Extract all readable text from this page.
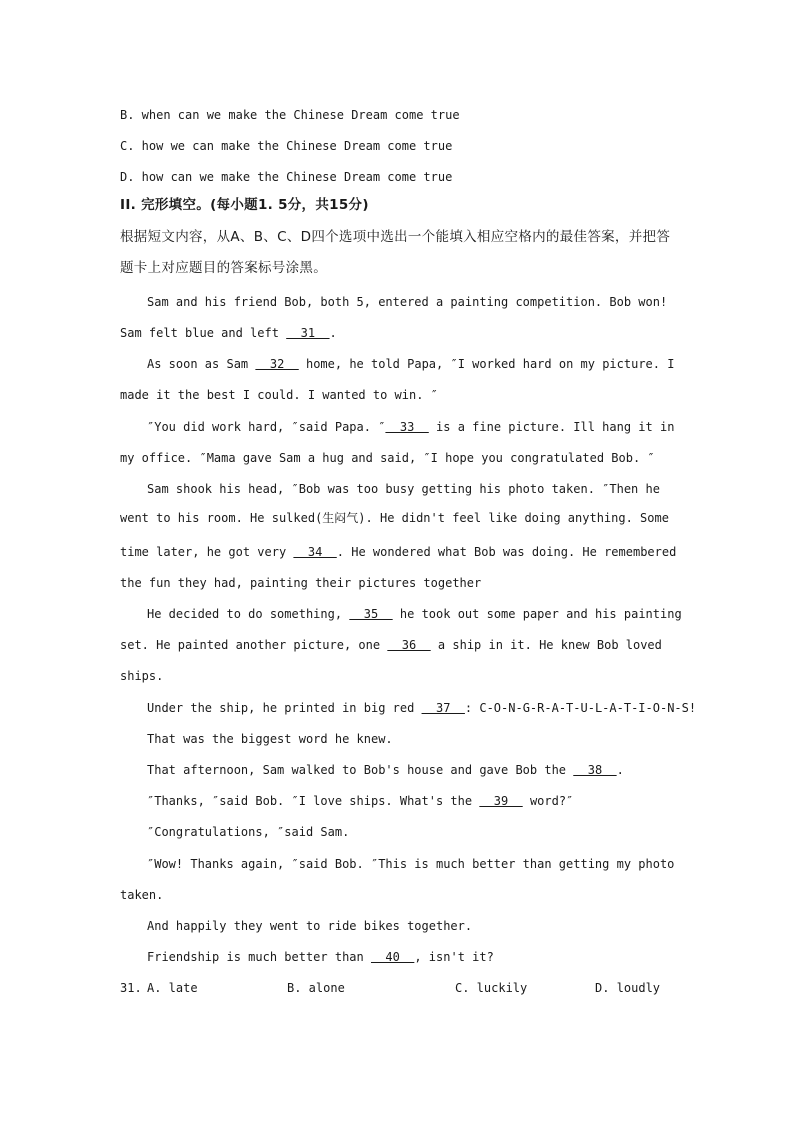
B. when can we make the Chinese Dream come true
C. how we can make the Chinese Dream come true
D. how can we make the Chinese Dream come true
II. 完形填空。(每小题1. 5分，共15分)
根据短文内容，从A、B、C、D四个选项中选出一个能填入相应空格内的最佳答案，并把答
题卡上对应题目的答案标号涂黑。
Sam and his friend Bob, both 5, entered a painting competition. Bob won!
Sam felt blue and left   31  .
As soon as Sam   32   home, he told Papa, ″I worked hard on my picture. I
made it the best I could. I wanted to win. ″
″You did work hard, ″said Papa. ″  33   is a fine picture. Ill hang it in
my office. ″Mama gave Sam a hug and said, ″I hope you congratulated Bob. ″
Sam shook his head, ″Bob was too busy getting his photo taken. ″Then he
went to his room. He sulked(生闷气). He didn't feel like doing anything. Some
time later, he got very   34  . He wondered what Bob was doing. He remembered
the fun they had, painting their pictures together
He decided to do something,   35   he took out some paper and his painting
set. He painted another picture, one   36   a ship in it. He knew Bob loved
ships.
Under the ship, he printed in big red   37  : C-O-N-G-R-A-T-U-L-A-T-I-O-N-S!
That was the biggest word he knew.
That afternoon, Sam walked to Bob's house and gave Bob the   38  .
″Thanks, ″said Bob. ″I love ships. What's the   39   word?″
″Congratulations, ″said Sam.
″Wow! Thanks again, ″said Bob. ″This is much better than getting my photo
taken.
And happily they went to ride bikes together.
Friendship is much better than   40  , isn't it?
31. A. late	B. alone	C. luckily	D. loudly
